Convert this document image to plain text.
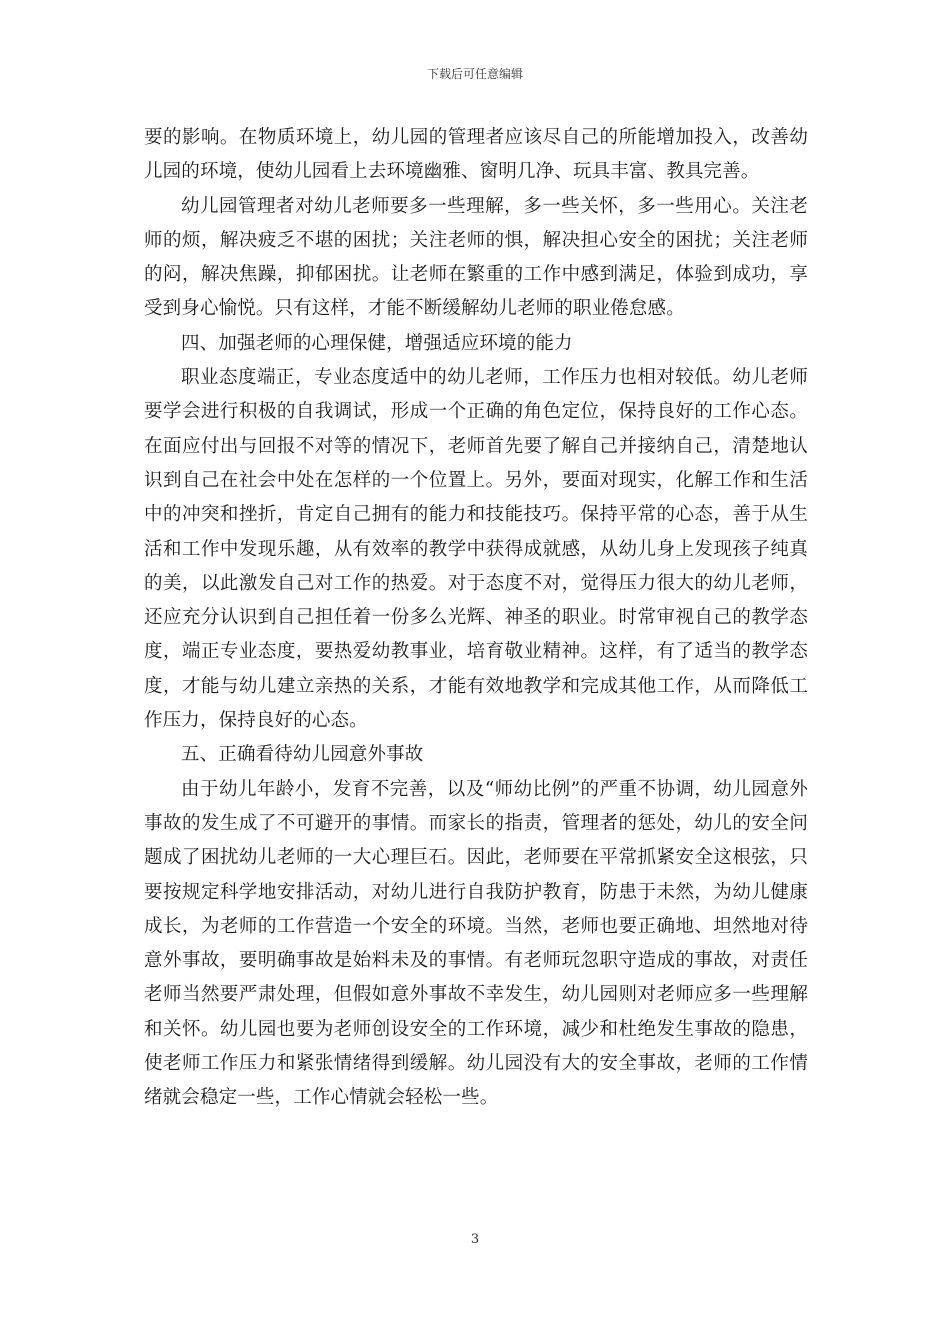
下载后可任意编辑

要的影响。在物质环境上，幼儿园的管理者应该尽自己的所能增加投入，改善幼儿园的环境，使幼儿园看上去环境幽雅、窗明几净、玩具丰富、教具完善。

幼儿园管理者对幼儿老师要多一些理解，多一些关怀，多一些用心。关注老师的烦，解决疲乏不堪的困扰；关注老师的惧，解决担心安全的困扰；关注老师的闷，解决焦躁，抑郁困扰。让老师在繁重的工作中感到满足，体验到成功，享受到身心愉悦。只有这样，才能不断缓解幼儿老师的职业倦怠感。

四、加强老师的心理保健，增强适应环境的能力

职业态度端正，专业态度适中的幼儿老师，工作压力也相对较低。幼儿老师要学会进行积极的自我调试，形成一个正确的角色定位，保持良好的工作心态。在面应付出与回报不对等的情况下，老师首先要了解自己并接纳自己，清楚地认识到自己在社会中处在怎样的一个位置上。另外，要面对现实，化解工作和生活中的冲突和挫折，肯定自己拥有的能力和技能技巧。保持平常的心态，善于从生活和工作中发现乐趣，从有效率的教学中获得成就感，从幼儿身上发现孩子纯真的美，以此激发自己对工作的热爱。对于态度不对，觉得压力很大的幼儿老师，还应充分认识到自己担任着一份多么光辉、神圣的职业。时常审视自己的教学态度，端正专业态度，要热爱幼教事业，培育敬业精神。这样，有了适当的教学态度，才能与幼儿建立亲热的关系，才能有效地教学和完成其他工作，从而降低工作压力，保持良好的心态。

五、正确看待幼儿园意外事故

由于幼儿年龄小，发育不完善，以及“师幼比例”的严重不协调，幼儿园意外事故的发生成了不可避开的事情。而家长的指责，管理者的惩处，幼儿的安全问题成了困扰幼儿老师的一大心理巨石。因此，老师要在平常抓紧安全这根弦，只要按规定科学地安排活动，对幼儿进行自我防护教育，防患于未然，为幼儿健康成长，为老师的工作营造一个安全的环境。当然，老师也要正确地、坦然地对待意外事故，要明确事故是始料未及的事情。有老师玩忽职守造成的事故，对责任老师当然要严肃处理，但假如意外事故不幸发生，幼儿园则对老师应多一些理解和关怀。幼儿园也要为老师创设安全的工作环境，减少和杜绝发生事故的隐患，使老师工作压力和紧张情绪得到缓解。幼儿园没有大的安全事故，老师的工作情绪就会稳定一些，工作心情就会轻松一些。

3
